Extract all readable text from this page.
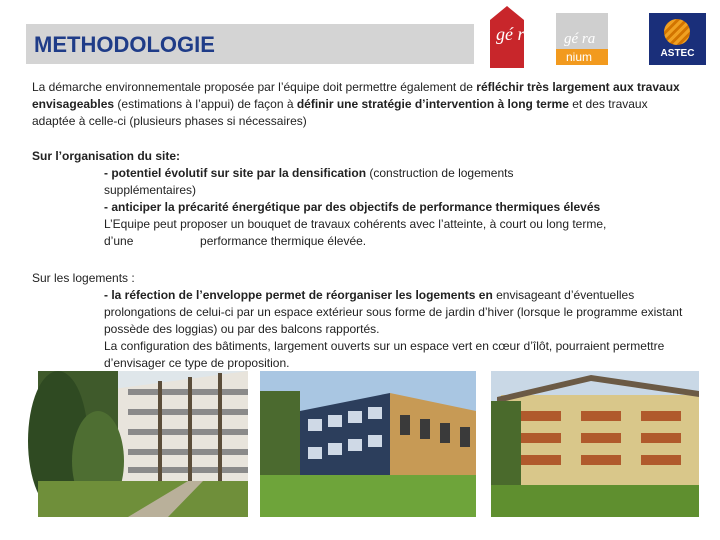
METHODOLOGIE	gé ra gé ra
nium	ASTEC
La démarche environnementale proposée par l’équipe doit permettre également de réfléchir très largement aux travaux envisageables (estimations à l’appui) de façon à définir une stratégie d’intervention à long terme et des travaux adaptée à celle-ci (plusieurs phases si nécessaires)
Sur l’organisation du site:
- potentiel évolutif sur site par la densification (construction de logements supplémentaires)
- anticiper la précarité énergétique par des objectifs de performance thermiques élevés
L’Equipe peut proposer un bouquet de travaux cohérents avec l’atteinte, à court ou long terme, d’une                    performance thermique élevée.
Sur les logements :
- la réfection de l’enveloppe permet de réorganiser les logements en envisageant d’éventuelles prolongations de celui-ci par un espace extérieur sous forme de jardin d’hiver (lorsque le programme existant possède des loggias) ou par des balcons rapportés.
La configuration des bâtiments, largement ouverts sur un espace vert en cœur d’îlôt, pourraient permettre d’envisager ce type de proposition.
